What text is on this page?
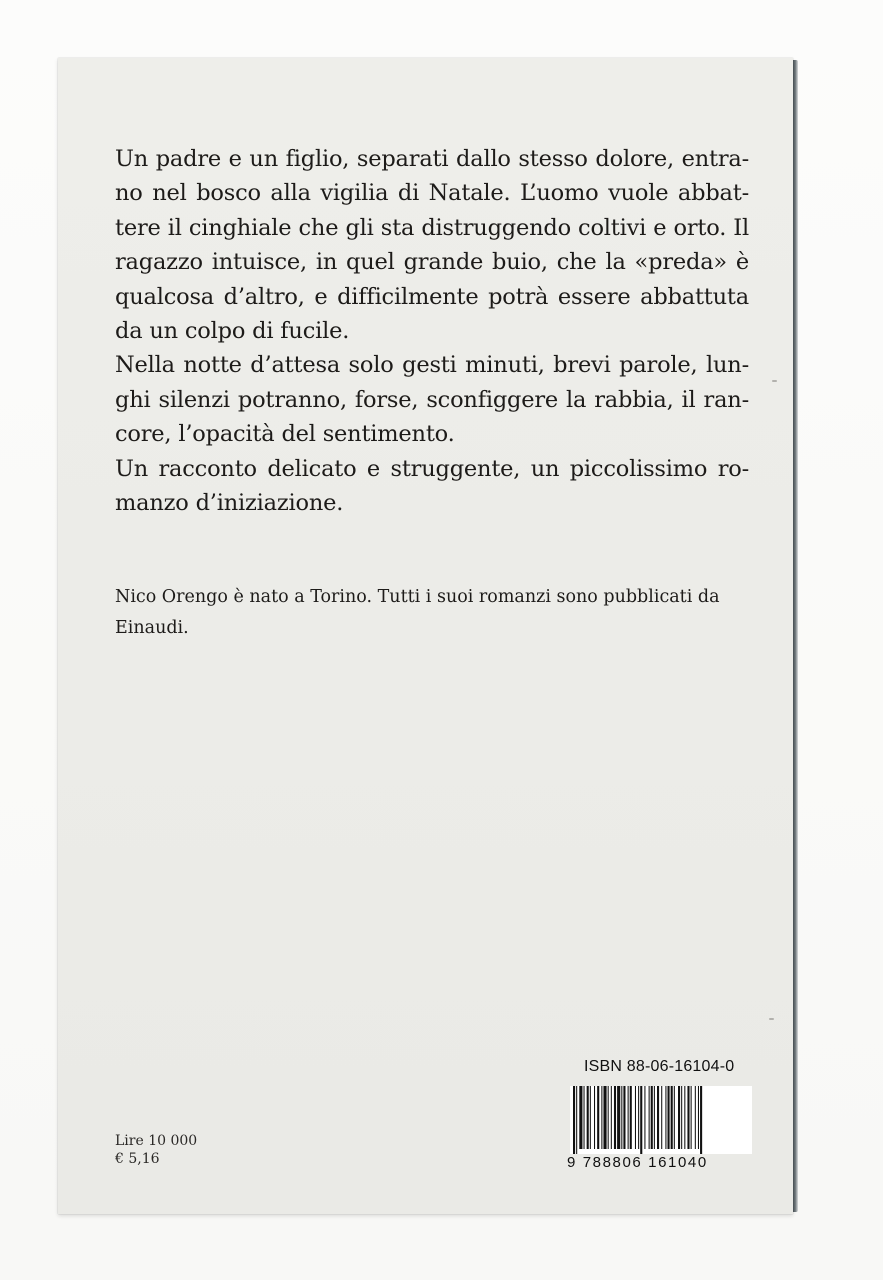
Un padre e un figlio, separati dallo stesso dolore, entra-
no nel bosco alla vigilia di Natale. L’uomo vuole abbat-
tere il cinghiale che gli sta distruggendo coltivi e orto. Il
ragazzo intuisce, in quel grande buio, che la «preda» è
qualcosa d’altro, e difficilmente potrà essere abbattuta
da un colpo di fucile.
Nella notte d’attesa solo gesti minuti, brevi parole, lun-
ghi silenzi potranno, forse, sconfiggere la rabbia, il ran-
core, l’opacità del sentimento.
Un racconto delicato e struggente, un piccolissimo ro-
manzo d’iniziazione.
Nico Orengo è nato a Torino. Tutti i suoi romanzi sono pubblicati da
Einaudi.
Lire 10 000
€ 5,16
ISBN 88-06-16104-0
9 788806 161040
